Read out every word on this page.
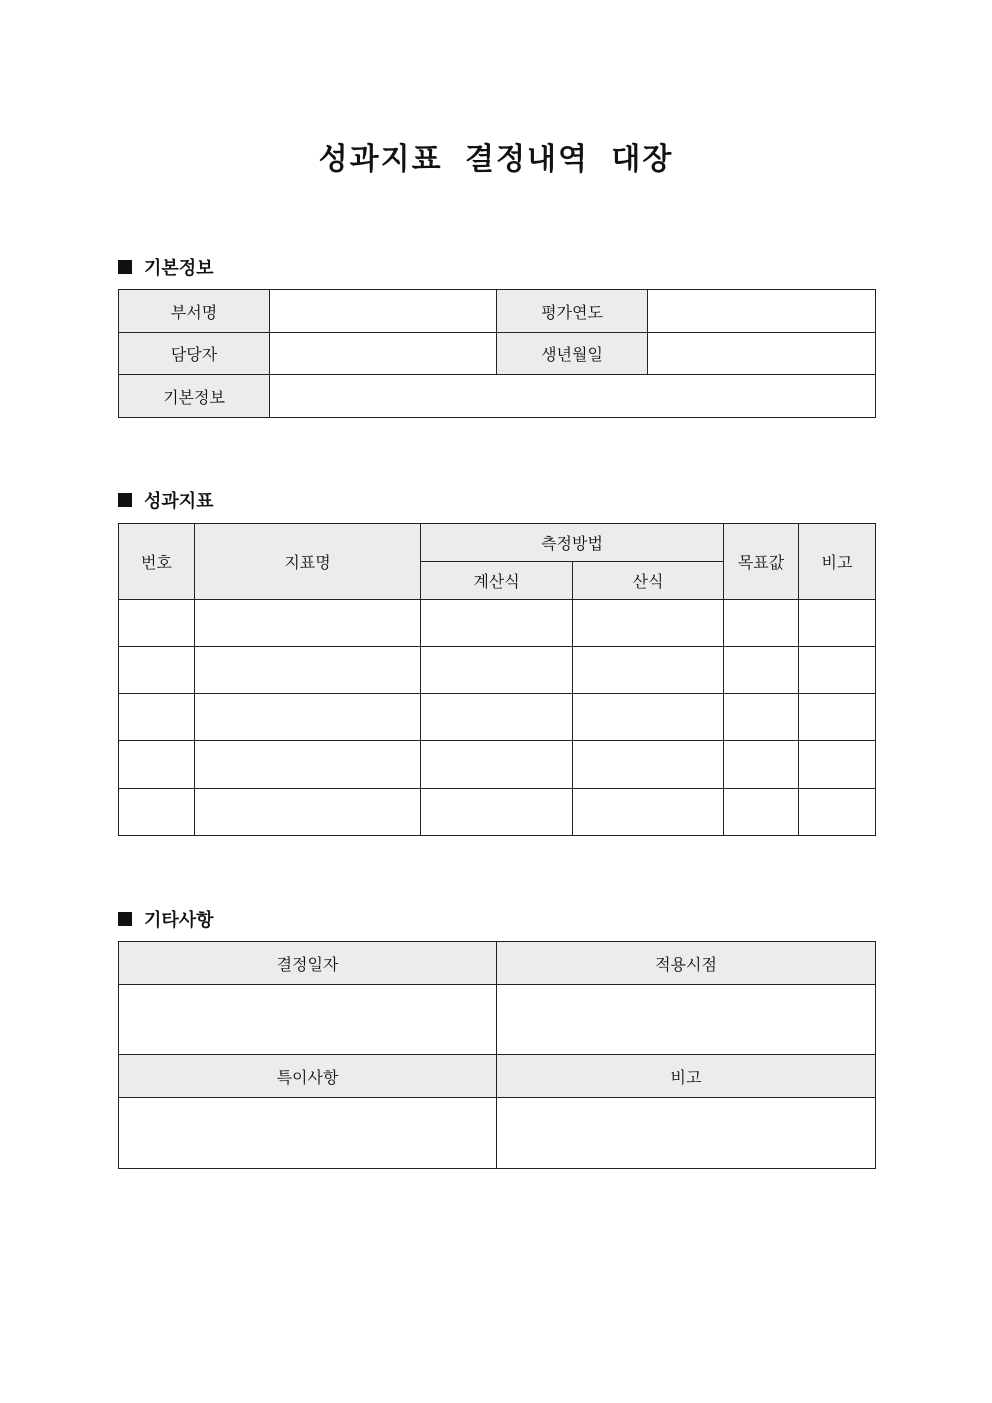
성과지표 결정내역 대장
기본정보
부서명		평가연도	
담당자		생년월일	
기본정보			
성과지표
번호	지표명	측정방법		목표값	비고
		계산식	산식		

기타사항
결정일자	적용시점

특이사항	비고
